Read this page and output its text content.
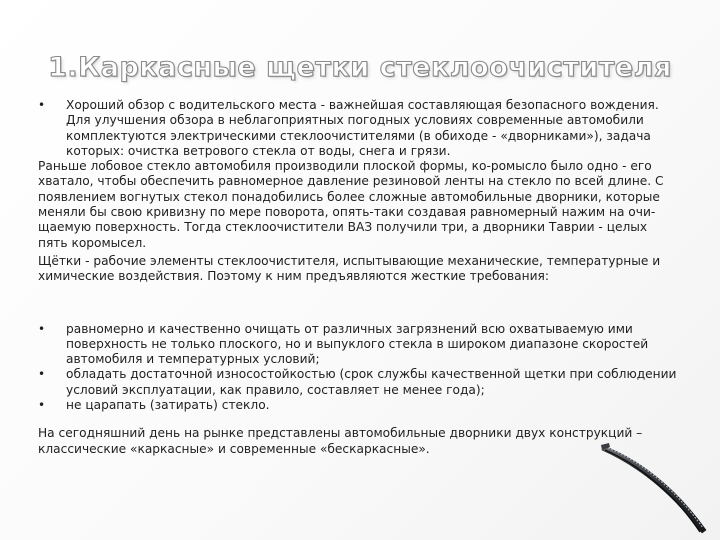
1.Каркасные щетки стеклоочистителя
• Хороший обзор с водительского места - важнейшая составляющая безопасного вождения. Для улучшения обзора в неблагоприятных погодных условиях современные автомобили комплектуются электрическими стеклоочистителями (в обиходе - «дворниками»), задача которых: очистка ветрового стекла от воды, снега и грязи.

Раньше лобовое стекло автомобиля производили плоской формы, ко-ромысло было одно - его хватало, чтобы обеспечить равномерное давление резиновой ленты на стекло по всей длине. С появлением вогнутых стекол понадобились более сложные автомобильные дворники, которые меняли бы свою кривизну по мере поворота, опять-таки создавая равномерный нажим на очи-щаемую поверхность. Тогда стеклоочистители ВАЗ получили три, а дворники Таврии - целых пять коромысел.

Щётки - рабочие элементы стеклоочистителя, испытывающие механические, температурные и химические воздействия. Поэтому к ним предъявляются жесткие требования:

• равномерно и качественно очищать от различных загрязнений всю охватываемую ими поверхность не только плоского, но и выпуклого стекла в широком диапазоне скоростей автомобиля и температурных условий;

• обладать достаточной износостойкостью (срок службы качественной щетки при соблюдении условий эксплуатации, как правило, составляет не менее года);

• не царапать (затирать) стекло.

На сегодняшний день на рынке представлены автомобильные дворники двух конструкций – классические «каркасные» и современные «бескаркасные».
